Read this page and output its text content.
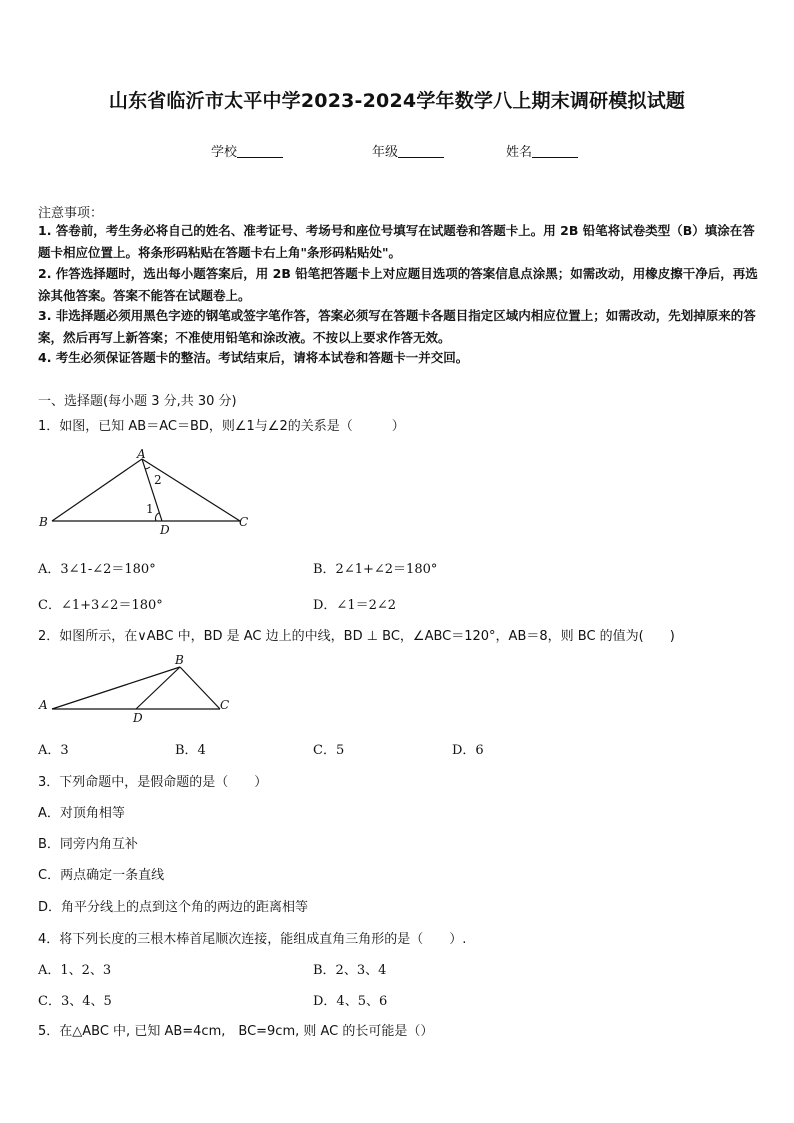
山东省临沂市太平中学2023-2024学年数学八上期末调研模拟试题
学校	年级	姓名
注意事项：
1. 答卷前，考生务必将自己的姓名、准考证号、考场号和座位号填写在试题卷和答题卡上。用 2B 铅笔将试卷类型（B）填涂在答题卡相应位置上。将条形码粘贴在答题卡右上角"条形码粘贴处"。
2. 作答选择题时，选出每小题答案后，用 2B 铅笔把答题卡上对应题目选项的答案信息点涂黑；如需改动，用橡皮擦干净后，再选涂其他答案。答案不能答在试题卷上。
3. 非选择题必须用黑色字迹的钢笔或签字笔作答，答案必须写在答题卡各题目指定区域内相应位置上；如需改动，先划掉原来的答案，然后再写上新答案；不准使用铅笔和涂改液。不按以上要求作答无效。
4. 考生必须保证答题卡的整洁。考试结束后，请将本试卷和答题卡一并交回。
一、选择题(每小题 3 分,共 30 分)
1．如图，已知 AB＝AC＝BD，则∠1与∠2的关系是（　　　）
A
B	C
D
1
2
A．3∠1-∠2＝180°	B．2∠1+∠2＝180°
C．∠1+3∠2＝180°	D．∠1＝2∠2
2．如图所示，在∨ABC 中，BD 是 AC 边上的中线，BD ⊥ BC，∠ABC＝120°，AB＝8，则 BC 的值为(　　)
B
A	C
D
A．3	B．4	C．5	D．6
3．下列命题中，是假命题的是（　　）
A．对顶角相等
B．同旁内角互补
C．两点确定一条直线
D．角平分线上的点到这个角的两边的距离相等
4．将下列长度的三根木棒首尾顺次连接，能组成直角三角形的是（　　）.
A．1、2、3	B．2、3、4
C．3、4、5	D．4、5、6
5．在△ABC 中, 已知 AB=4cm,　BC=9cm, 则 AC 的长可能是（）
